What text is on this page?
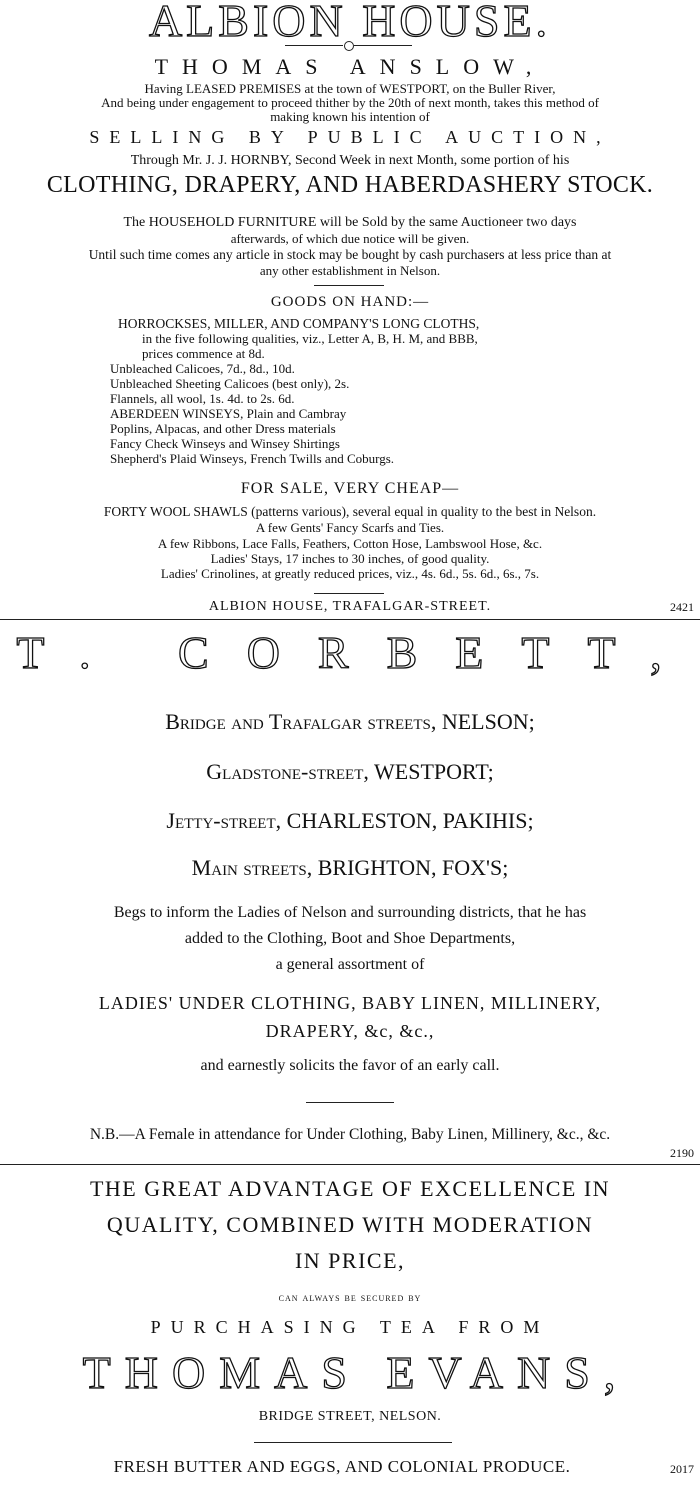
ALBION HOUSE.
THOMAS ANSLOW,
Having LEASED PREMISES at the town of WESTPORT, on the Buller River,
And being under engagement to proceed thither by the 20th of next month, takes this method of
making known his intention of
SELLING BY PUBLIC AUCTION,
Through Mr. J. J. HORNBY, Second Week in next Month, some portion of his
CLOTHING, DRAPERY, AND HABERDASHERY STOCK.
The HOUSEHOLD FURNITURE will be Sold by the same Auctioneer two days
afterwards, of which due notice will be given.
Until such time comes any article in stock may be bought by cash purchasers at less price than at
any other establishment in Nelson.
GOODS ON HAND:—
HORROCKSES, MILLER, AND COMPANY'S LONG CLOTHS,
in the five following qualities, viz., Letter A, B, H. M, and BBB,
prices commence at 8d.
Unbleached Calicoes, 7d., 8d., 10d.
Unbleached Sheeting Calicoes (best only), 2s.
Flannels, all wool, 1s. 4d. to 2s. 6d.
ABERDEEN WINSEYS, Plain and Cambray
Poplins, Alpacas, and other Dress materials
Fancy Check Winseys and Winsey Shirtings
Shepherd's Plaid Winseys, French Twills and Coburgs.
FOR SALE, VERY CHEAP—
FORTY WOOL SHAWLS (patterns various), several equal in quality to the best in Nelson.
A few Gents' Fancy Scarfs and Ties.
A few Ribbons, Lace Falls, Feathers, Cotton Hose, Lambswool Hose, &c.
Ladies' Stays, 17 inches to 30 inches, of good quality.
Ladies' Crinolines, at greatly reduced prices, viz., 4s. 6d., 5s. 6d., 6s., 7s.
ALBION HOUSE, TRAFALGAR-STREET.	2421
T. CORBETT,
Bridge and Trafalgar streets, NELSON;
Gladstone-street, WESTPORT;
Jetty-street, CHARLESTON, PAKIHIS;
Main streets, BRIGHTON, FOX'S;
Begs to inform the Ladies of Nelson and surrounding districts, that he has
added to the Clothing, Boot and Shoe Departments,
a general assortment of
LADIES' UNDER CLOTHING, BABY LINEN, MILLINERY,
DRAPERY, &c, &c.,
and earnestly solicits the favor of an early call.
N.B.—A Female in attendance for Under Clothing, Baby Linen, Millinery, &c., &c.
2190
THE GREAT ADVANTAGE OF EXCELLENCE IN
QUALITY, COMBINED WITH MODERATION
IN PRICE,
can always be secured by
PURCHASING TEA FROM
THOMAS EVANS,
BRIDGE STREET, NELSON.
FRESH BUTTER AND EGGS, AND COLONIAL PRODUCE.	2017
